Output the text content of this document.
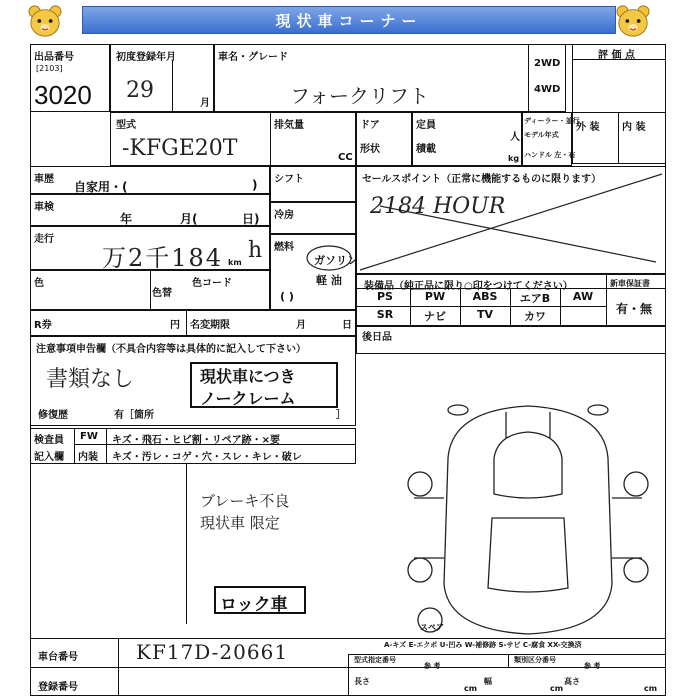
現状車コーナー
出品番号
[2103]
3020
初度登録年月
29
月
車名・グレード
フォークリフト
2WD
4WD
評 価 点
型式
-KFGE20T
排気量
CC
ドア
形状
定員
人
積載
kg
ディーラー・並行
モデル年式
ハンドル 左・右
外 装 内 装
車歴
自家用・(	)
車検
年	月(	日)
走行
万2千184 km h
色
色替
色コード
シフト
冷房
燃料
ガソリン
軽 油
( )
セールスポイント（正常に機能するものに限ります）
2184 HOUR
装備品（純正品に限り○印をつけてください）
PS	PW	ABS	エアB	AW
SR	ナビ	TV	カワ
新車保証書
有・無
後日品
R券	円 名変期限	月	日
注意事項申告欄（不具合内容等は具体的に記入して下さい）
書類なし	現状車につき
ノークレーム
修復歴	有［箇所	］
検査員
記入欄
FW キズ・飛石・ヒビ割・リペア跡・×要
内装 キズ・汚レ・コゲ・穴・スレ・キレ・破レ
ブレーキ不良
現状車 限定
ロック車
スペア
車台番号	KF17D-20661
登録番号
A-キズ E-エクボ U-凹み W-補修跡 S-サビ C-腐食 XX-交換済
型式指定番号
参 考
類別区分番号
参 考
長さ
cm
幅
cm
高さ
cm
